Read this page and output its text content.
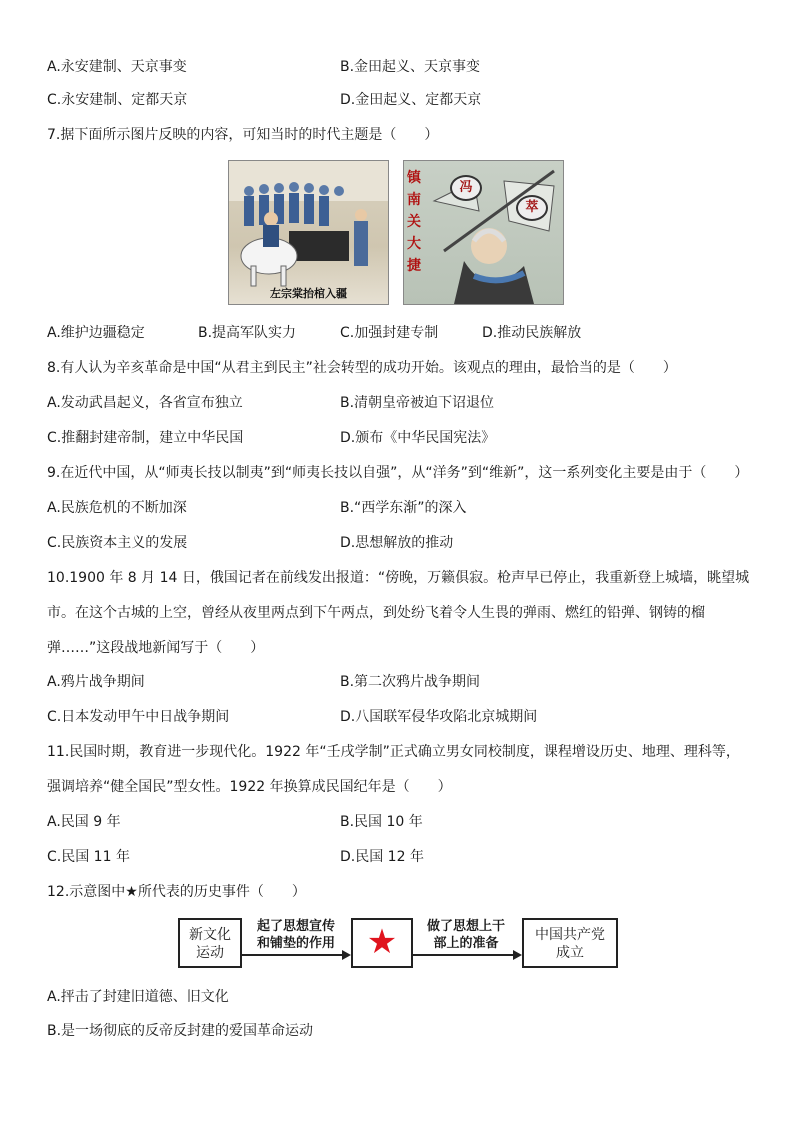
A.永安建制、天京事变	B.金田起义、天京事变
C.永安建制、定都天京	D.金田起义、定都天京
7.据下面所示图片反映的内容，可知当时的时代主题是（　　）
左宗棠抬棺入疆
镇南关大捷
冯
萃
A.维护边疆稳定	B.提高军队实力	C.加强封建专制	D.推动民族解放
8.有人认为辛亥革命是中国“从君主到民主”社会转型的成功开始。该观点的理由，最恰当的是（　　）
A.发动武昌起义，各省宣布独立	B.清朝皇帝被迫下诏退位
C.推翻封建帝制，建立中华民国	D.颁布《中华民国宪法》
9.在近代中国，从“师夷长技以制夷”到“师夷长技以自强”，从“洋务”到“维新”，这一系列变化主要是由于（　　）
A.民族危机的不断加深	B.“西学东渐”的深入
C.民族资本主义的发展	D.思想解放的推动
10.1900 年 8 月 14 日，俄国记者在前线发出报道：“傍晚，万籁俱寂。枪声早已停止，我重新登上城墙，眺望城市。在这个古城的上空，曾经从夜里两点到下午两点，到处纷飞着令人生畏的弹雨、燃红的铅弹、钢铸的榴弹……”这段战地新闻写于（　　）
A.鸦片战争期间	B.第二次鸦片战争期间
C.日本发动甲午中日战争期间	D.八国联军侵华攻陷北京城期间
11.民国时期，教育进一步现代化。1922 年“壬戌学制”正式确立男女同校制度，课程增设历史、地理、理科等，强调培养“健全国民”型女性。1922 年换算成民国纪年是（　　）
A.民国 9 年	B.民国 10 年
C.民国 11 年	D.民国 12 年
12.示意图中★所代表的历史事件（　　）
新文化
运动
起了思想宣传
和铺垫的作用 ★	做了思想上干
部上的准备
中国共产党
成立
A.抨击了封建旧道德、旧文化
B.是一场彻底的反帝反封建的爱国革命运动
